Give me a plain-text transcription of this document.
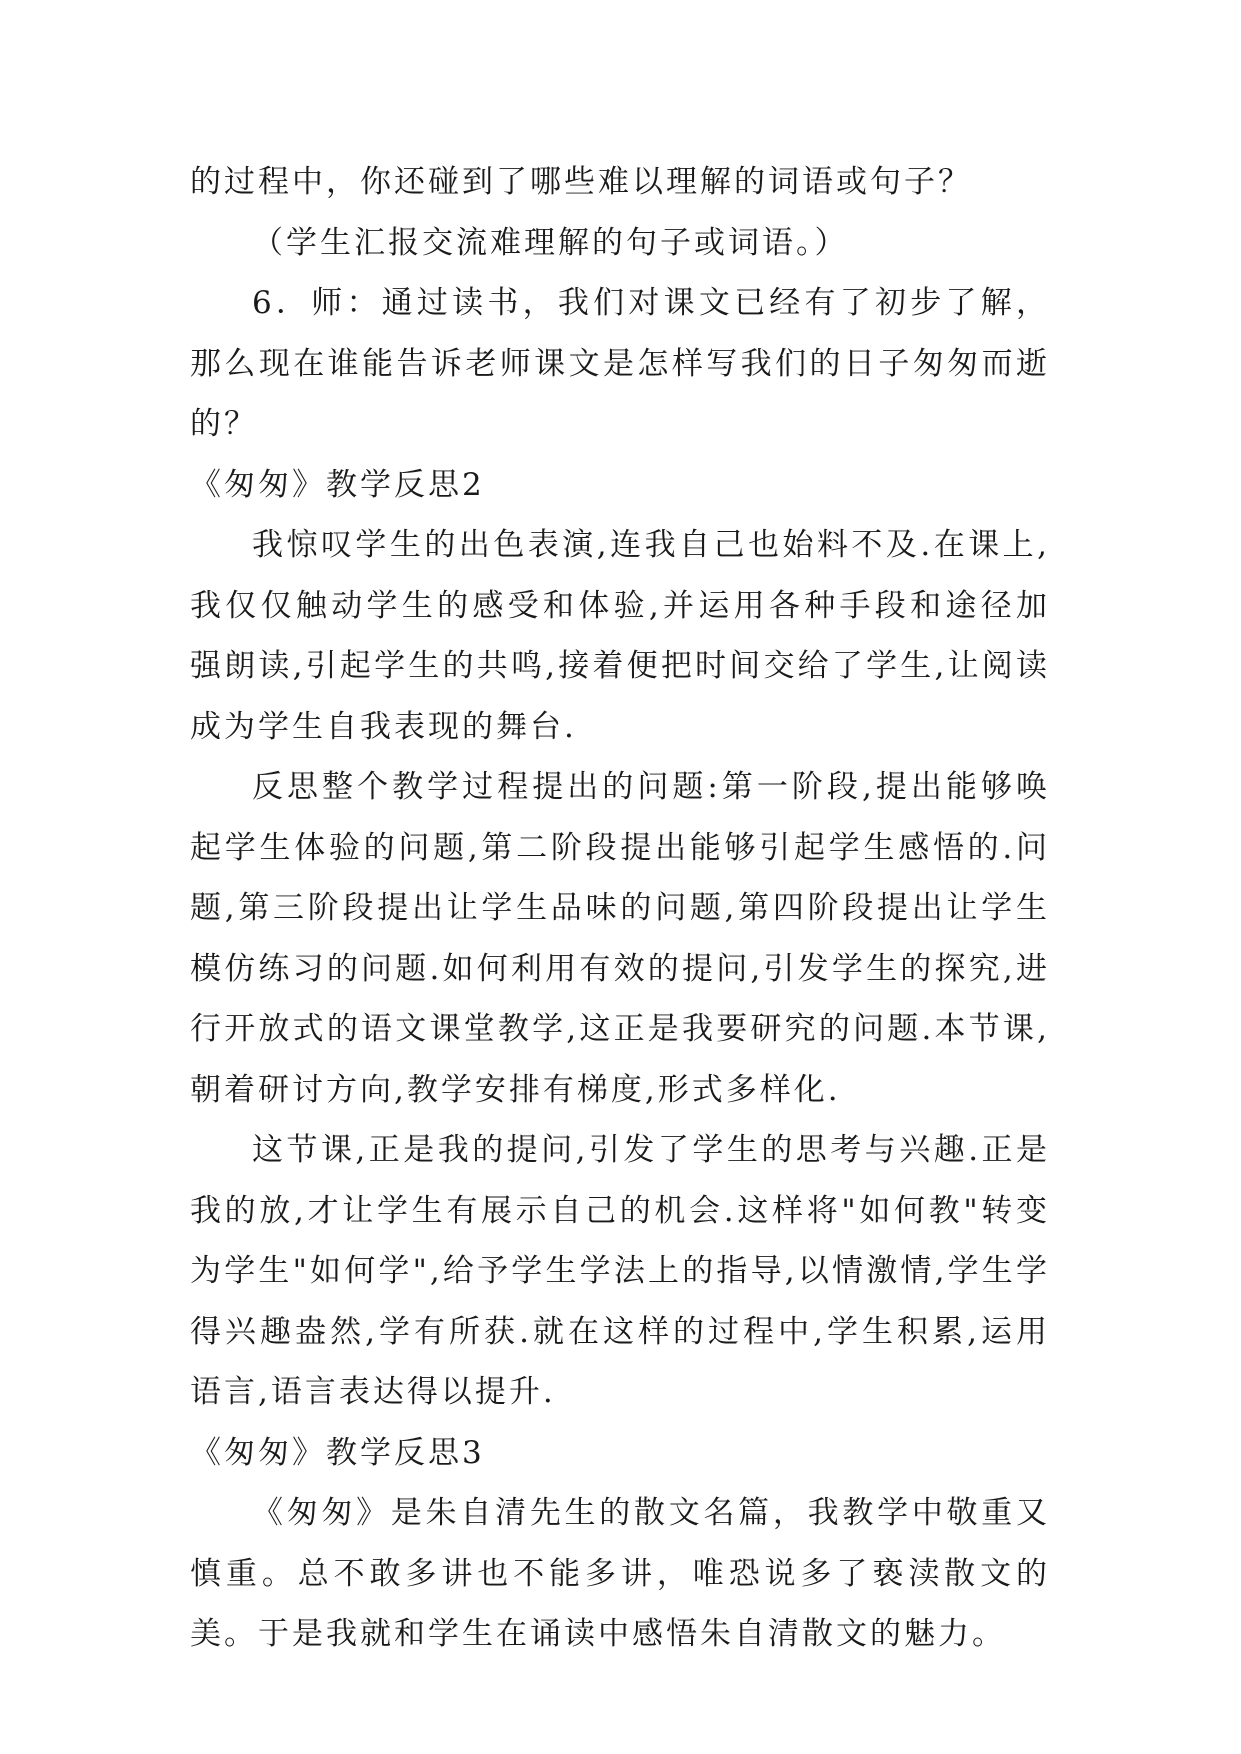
的过程中，你还碰到了哪些难以理解的词语或句子？

（学生汇报交流难理解的句子或词语。）

6．师：通过读书，我们对课文已经有了初步了解，那么现在谁能告诉老师课文是怎样写我们的日子匆匆而逝的？

《匆匆》教学反思2

我惊叹学生的出色表演,连我自己也始料不及.在课上,我仅仅触动学生的感受和体验,并运用各种手段和途径加强朗读,引起学生的共鸣,接着便把时间交给了学生,让阅读成为学生自我表现的舞台.

反思整个教学过程提出的问题:第一阶段,提出能够唤起学生体验的问题,第二阶段提出能够引起学生感悟的.问题,第三阶段提出让学生品味的问题,第四阶段提出让学生模仿练习的问题.如何利用有效的提问,引发学生的探究,进行开放式的语文课堂教学,这正是我要研究的问题.本节课,朝着研讨方向,教学安排有梯度,形式多样化.

这节课,正是我的提问,引发了学生的思考与兴趣.正是我的放,才让学生有展示自己的机会.这样将"如何教"转变为学生"如何学",给予学生学法上的指导,以情激情,学生学得兴趣盎然,学有所获.就在这样的过程中,学生积累,运用语言,语言表达得以提升.

《匆匆》教学反思3

《匆匆》是朱自清先生的散文名篇，我教学中敬重又慎重。总不敢多讲也不能多讲，唯恐说多了亵渎散文的美。于是我就和学生在诵读中感悟朱自清散文的魅力。
